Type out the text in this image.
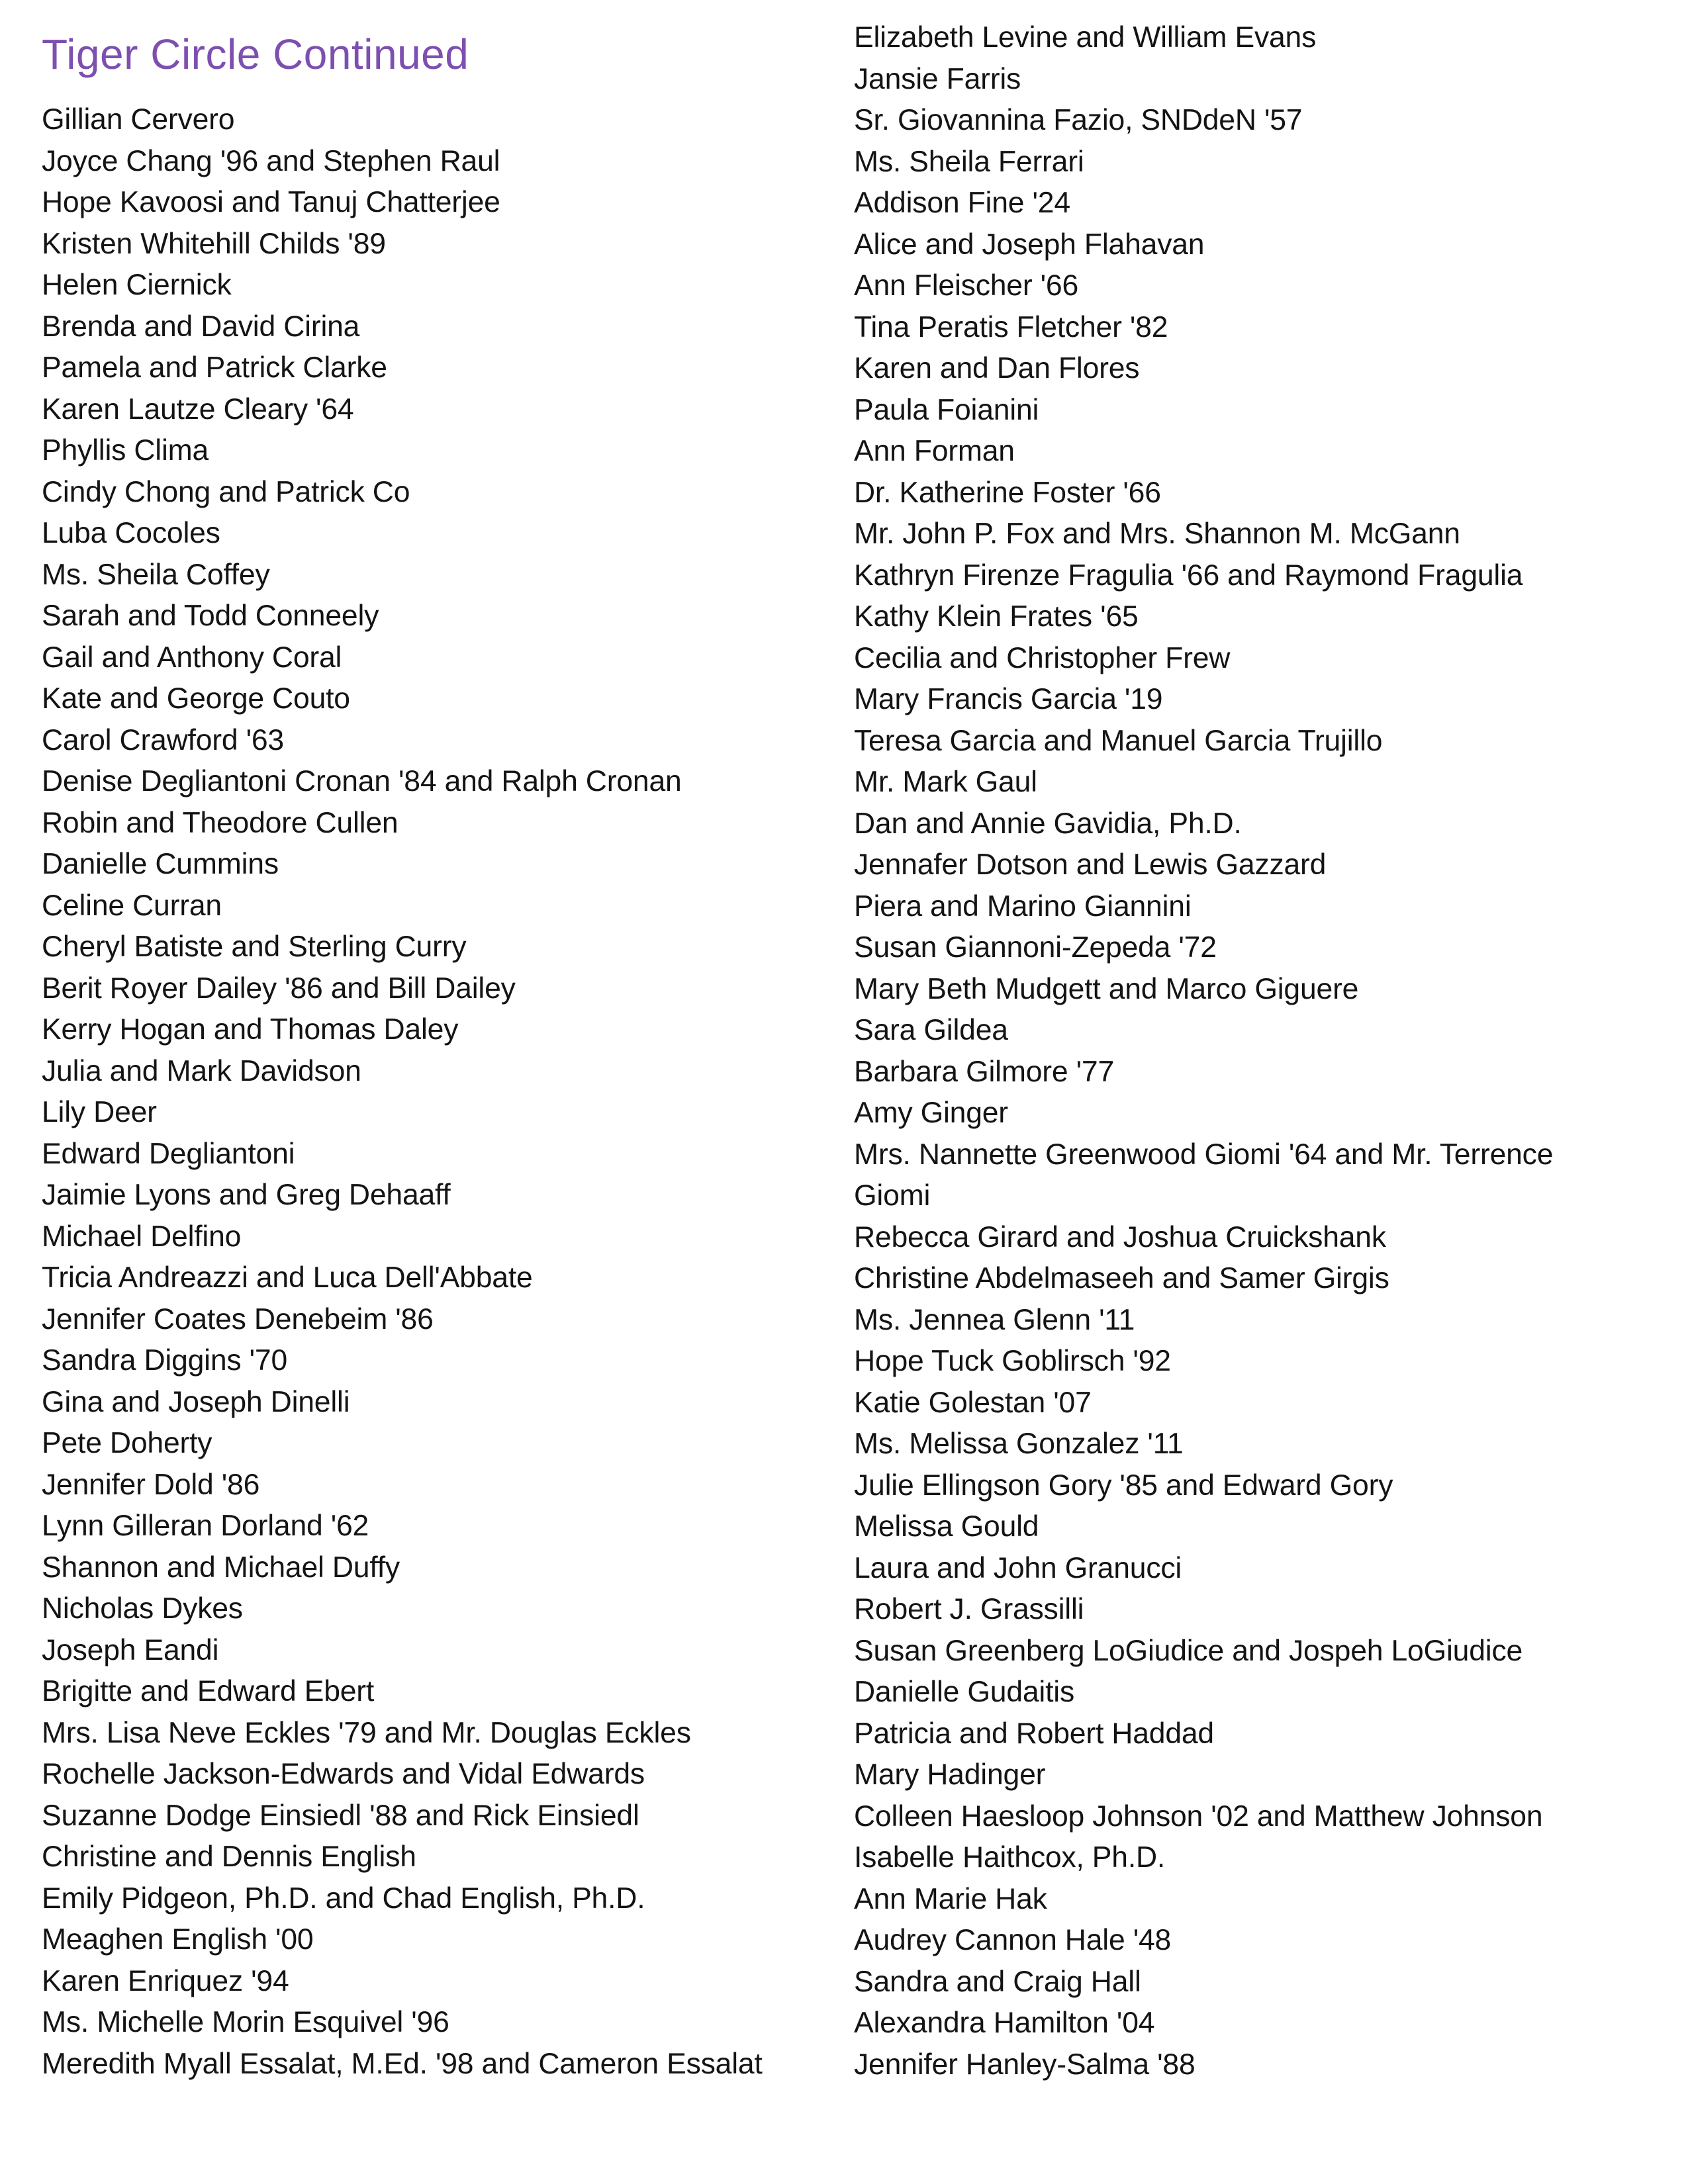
Tiger Circle Continued
Gillian Cervero
Joyce Chang '96 and Stephen Raul
Hope Kavoosi and Tanuj Chatterjee
Kristen Whitehill Childs '89
Helen Ciernick
Brenda and David Cirina
Pamela and Patrick Clarke
Karen Lautze Cleary '64
Phyllis Clima
Cindy Chong and Patrick Co
Luba Cocoles
Ms. Sheila Coffey
Sarah and Todd Conneely
Gail and Anthony Coral
Kate and George Couto
Carol Crawford '63
Denise Degliantoni Cronan '84 and Ralph Cronan
Robin and Theodore Cullen
Danielle Cummins
Celine Curran
Cheryl Batiste and Sterling Curry
Berit Royer Dailey '86 and Bill Dailey
Kerry Hogan and Thomas Daley
Julia and Mark Davidson
Lily Deer
Edward Degliantoni
Jaimie Lyons and Greg Dehaaff
Michael Delfino
Tricia Andreazzi and Luca Dell'Abbate
Jennifer Coates Denebeim '86
Sandra Diggins '70
Gina and Joseph Dinelli
Pete Doherty
Jennifer Dold '86
Lynn Gilleran Dorland '62
Shannon and Michael Duffy
Nicholas Dykes
Joseph Eandi
Brigitte and Edward Ebert
Mrs. Lisa Neve Eckles '79 and Mr. Douglas Eckles
Rochelle Jackson-Edwards and Vidal Edwards
Suzanne Dodge Einsiedl '88 and Rick Einsiedl
Christine and Dennis English
Emily Pidgeon, Ph.D. and Chad English, Ph.D.
Meaghen English '00
Karen Enriquez '94
Ms. Michelle Morin Esquivel '96
Meredith Myall Essalat, M.Ed. '98 and Cameron Essalat
Elizabeth Levine and William Evans
Jansie Farris
Sr. Giovannina Fazio, SNDdeN '57
Ms. Sheila Ferrari
Addison Fine '24
Alice and Joseph Flahavan
Ann Fleischer '66
Tina Peratis Fletcher '82
Karen and Dan Flores
Paula Foianini
Ann Forman
Dr. Katherine Foster '66
Mr. John P. Fox and Mrs. Shannon M. McGann
Kathryn Firenze Fragulia '66 and Raymond Fragulia
Kathy Klein Frates '65
Cecilia and Christopher Frew
Mary Francis Garcia '19
Teresa Garcia and Manuel Garcia Trujillo
Mr. Mark Gaul
Dan and Annie Gavidia, Ph.D.
Jennafer Dotson and Lewis Gazzard
Piera and Marino Giannini
Susan Giannoni-Zepeda '72
Mary Beth Mudgett and Marco Giguere
Sara Gildea
Barbara Gilmore '77
Amy Ginger
Mrs. Nannette Greenwood Giomi '64 and Mr. Terrence
Giomi
Rebecca Girard and Joshua Cruickshank
Christine Abdelmaseeh and Samer Girgis
Ms. Jennea Glenn '11
Hope Tuck Goblirsch '92
Katie Golestan '07
Ms. Melissa Gonzalez '11
Julie Ellingson Gory '85 and Edward Gory
Melissa Gould
Laura and John Granucci
Robert J. Grassilli
Susan Greenberg LoGiudice and Jospeh LoGiudice
Danielle Gudaitis
Patricia and Robert Haddad
Mary Hadinger
Colleen Haesloop Johnson '02 and Matthew Johnson
Isabelle Haithcox, Ph.D.
Ann Marie Hak
Audrey Cannon Hale '48
Sandra and Craig Hall
Alexandra Hamilton '04
Jennifer Hanley-Salma '88
